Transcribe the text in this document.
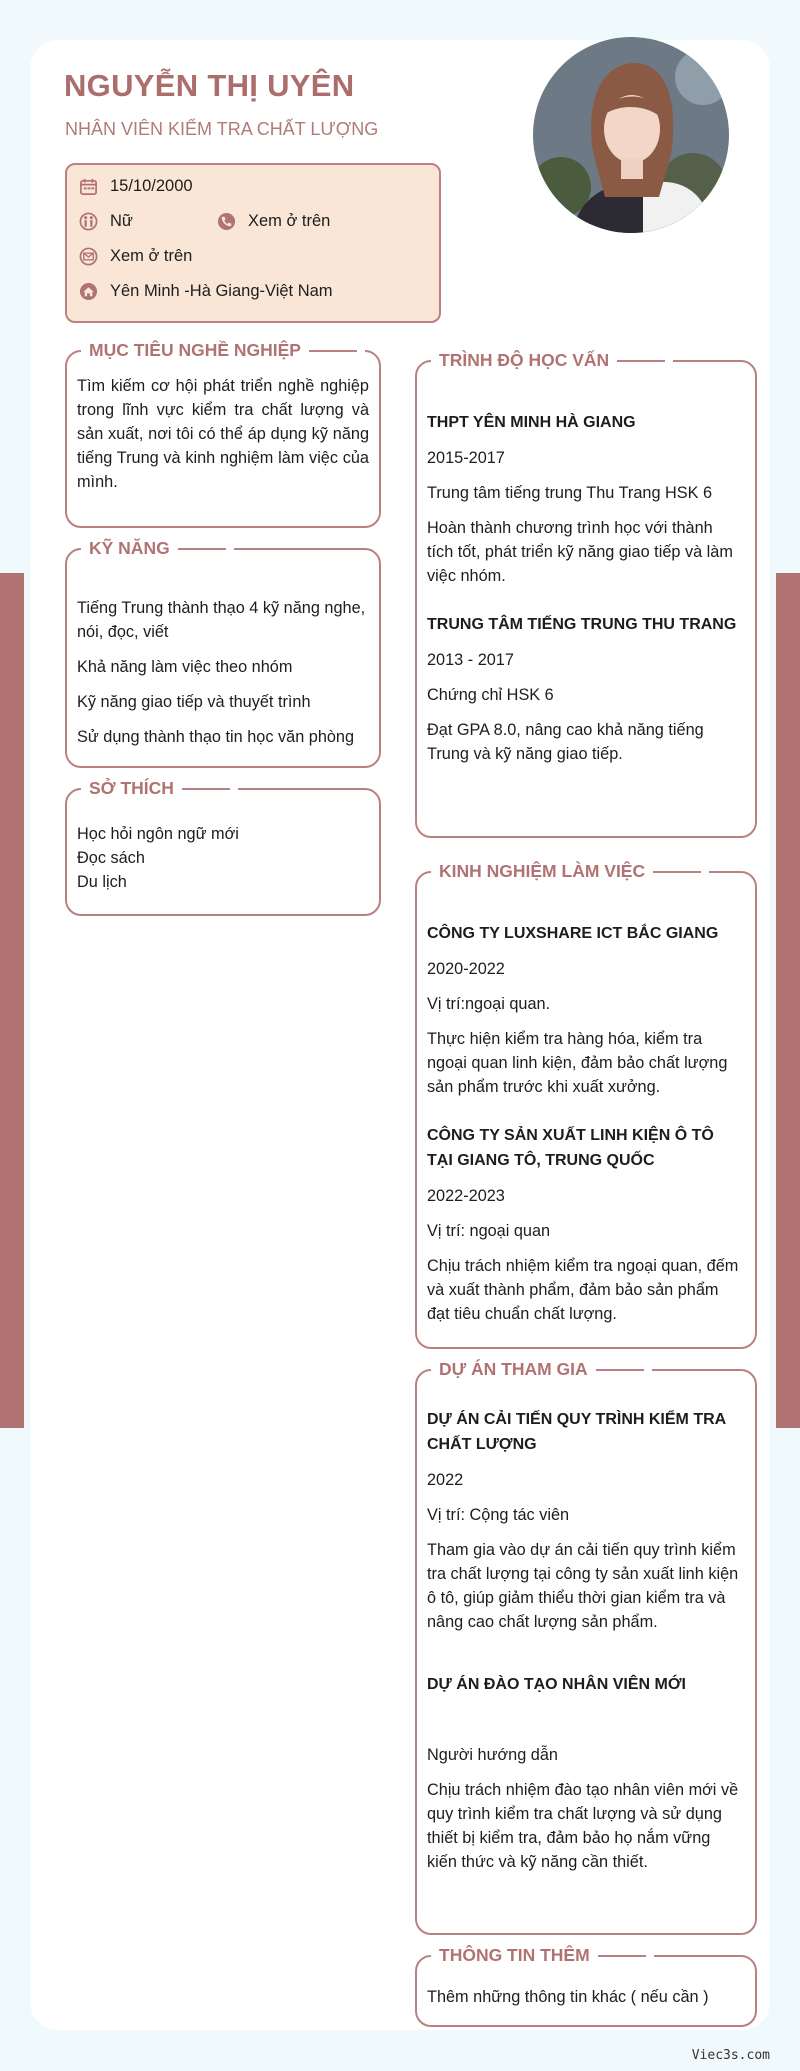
NGUYỄN THỊ UYÊN

NHÂN VIÊN KIỂM TRA CHẤT LƯỢNG

15/10/2000
Nữ	Xem ở trên
Xem ở trên
Yên Minh -Hà Giang-Việt Nam
MỤC TIÊU NGHỀ NGHIỆP
Tìm kiếm cơ hội phát triển nghề nghiệp trong lĩnh vực kiểm tra chất lượng và sản xuất, nơi tôi có thể áp dụng kỹ năng tiếng Trung và kinh nghiệm làm việc của mình.
KỸ NĂNG

Tiếng Trung thành thạo 4 kỹ năng nghe, nói, đọc, viết

Khả năng làm việc theo nhóm

Kỹ năng giao tiếp và thuyết trình

Sử dụng thành thạo tin học văn phòng

SỞ THÍCH

Học hỏi ngôn ngữ mới

Đọc sách

Du lịch

TRÌNH ĐỘ HỌC VẤN

THPT YÊN MINH HÀ GIANG

2015-2017

Trung tâm tiếng trung Thu Trang HSK 6

Hoàn thành chương trình học với thành tích tốt, phát triển kỹ năng giao tiếp và làm việc nhóm.

TRUNG TÂM TIẾNG TRUNG THU TRANG

2013 - 2017

Chứng chỉ HSK 6

Đạt GPA 8.0, nâng cao khả năng tiếng Trung và kỹ năng giao tiếp.

KINH NGHIỆM LÀM VIỆC

CÔNG TY LUXSHARE ICT BẮC GIANG

2020-2022

Vị trí:ngoại quan.

Thực hiện kiểm tra hàng hóa, kiểm tra ngoại quan linh kiện, đảm bảo chất lượng sản phẩm trước khi xuất xưởng.

CÔNG TY SẢN XUẤT LINH KIỆN Ô TÔ TẠI GIANG TÔ, TRUNG QUỐC

2022-2023

Vị trí: ngoại quan

Chịu trách nhiệm kiểm tra ngoại quan, đếm và xuất thành phẩm, đảm bảo sản phẩm đạt tiêu chuẩn chất lượng.

DỰ ÁN THAM GIA

DỰ ÁN CẢI TIẾN QUY TRÌNH KIỂM TRA CHẤT LƯỢNG

2022

Vị trí: Cộng tác viên

Tham gia vào dự án cải tiến quy trình kiểm tra chất lượng tại công ty sản xuất linh kiện ô tô, giúp giảm thiểu thời gian kiểm tra và nâng cao chất lượng sản phẩm.

DỰ ÁN ĐÀO TẠO NHÂN VIÊN MỚI

Người hướng dẫn

Chịu trách nhiệm đào tạo nhân viên mới về quy trình kiểm tra chất lượng và sử dụng thiết bị kiểm tra, đảm bảo họ nắm vững kiến thức và kỹ năng cần thiết.

THÔNG TIN THÊM

Thêm những thông tin khác ( nếu cần )

Viec3s.com
